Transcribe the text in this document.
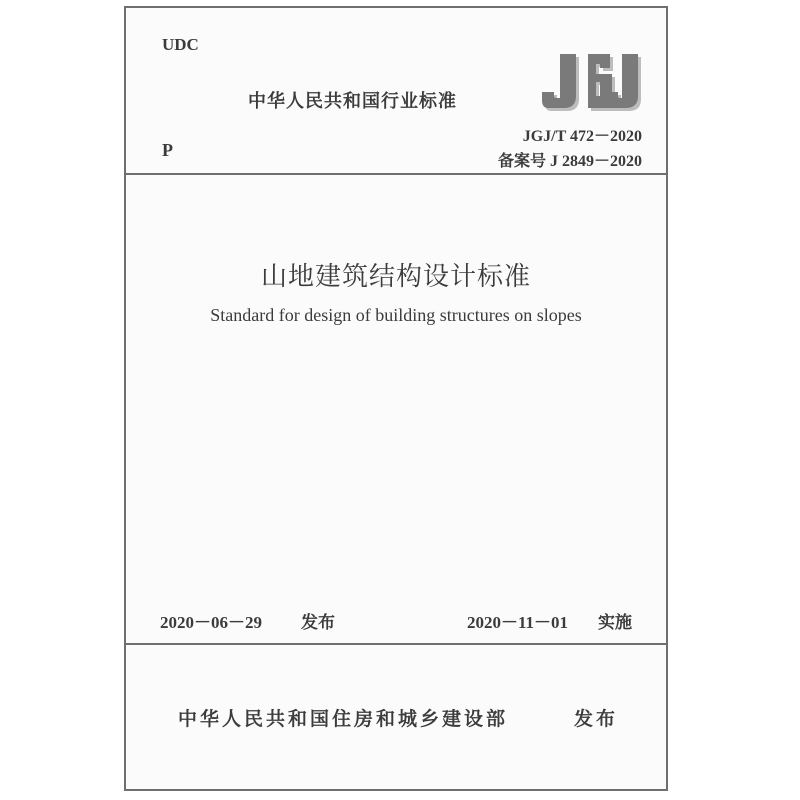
UDC
中华人民共和国行业标准
JGJ/T 472－2020
备案号 J 2849－2020
P
山地建筑结构设计标准
Standard for design of building structures on slopes
2020－06－29 发布	2020－11－01 实施
中华人民共和国住房和城乡建设部	发布
